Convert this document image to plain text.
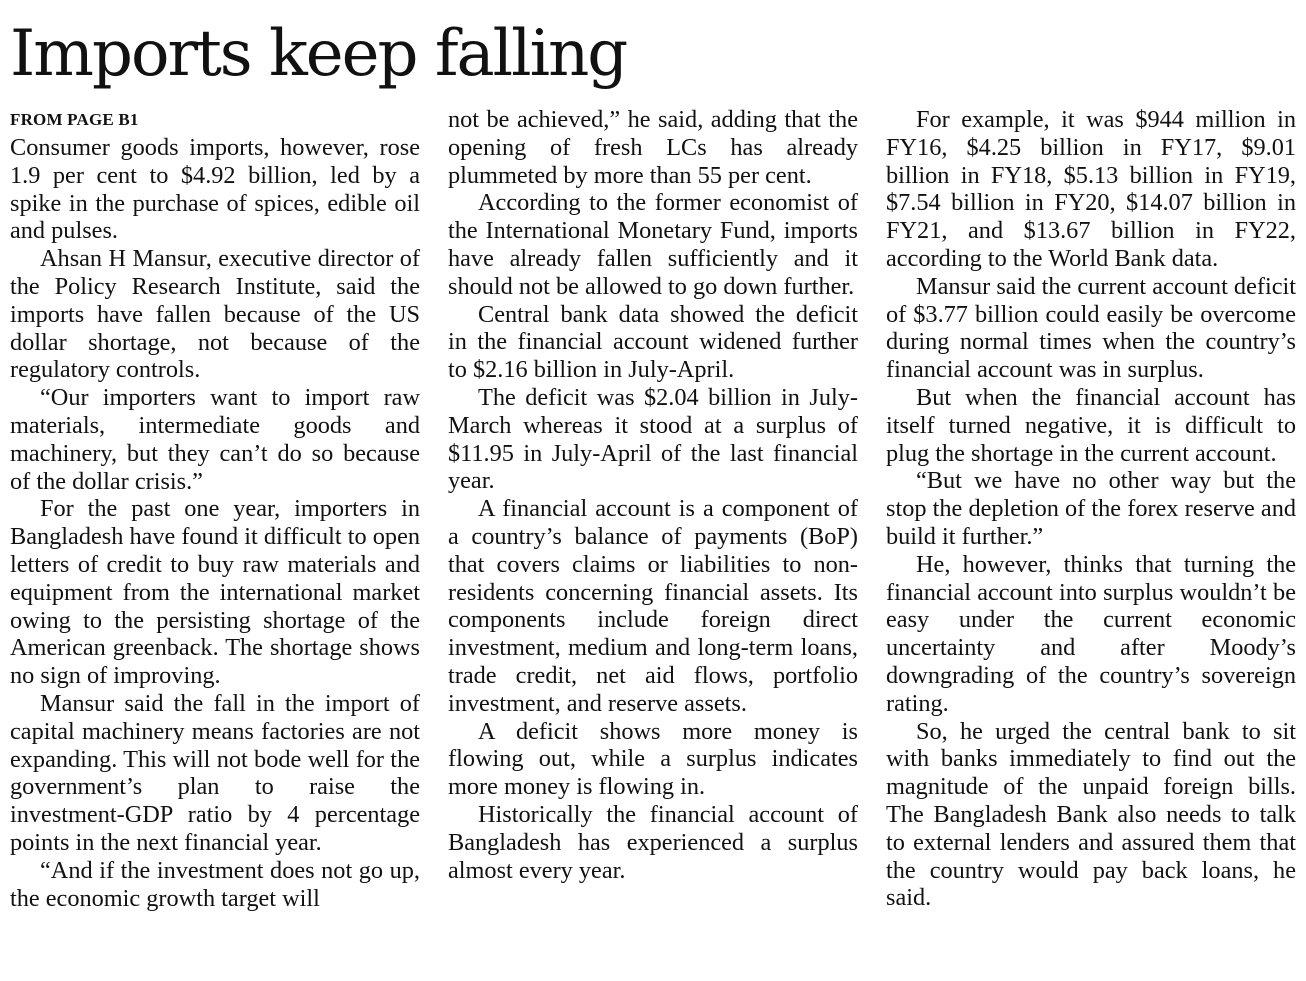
Imports keep falling
FROM PAGE B1

Consumer goods imports, however, rose 1.9 per cent to $4.92 billion, led by a spike in the purchase of spices, edible oil and pulses.

Ahsan H Mansur, executive director of the Policy Research Institute, said the imports have fallen because of the US dollar shortage, not because of the regulatory controls.

“Our importers want to import raw materials, intermediate goods and machinery, but they can’t do so because of the dollar crisis.”

For the past one year, importers in Bangladesh have found it difficult to open letters of credit to buy raw materials and equipment from the international market owing to the persisting shortage of the American greenback. The shortage shows no sign of improving.

Mansur said the fall in the import of capital machinery means factories are not expanding. This will not bode well for the government’s plan to raise the investment-GDP ratio by 4 percentage points in the next financial year.

“And if the investment does not go up, the economic growth target will

not be achieved,” he said, adding that the opening of fresh LCs has already plummeted by more than 55 per cent.

According to the former economist of the International Monetary Fund, imports have already fallen sufficiently and it should not be allowed to go down further.

Central bank data showed the deficit in the financial account widened further to $2.16 billion in July-April.

The deficit was $2.04 billion in July-March whereas it stood at a surplus of $11.95 in July-April of the last financial year.

A financial account is a component of a country’s balance of payments (BoP) that covers claims or liabilities to non-residents concerning financial assets. Its components include foreign direct investment, medium and long-term loans, trade credit, net aid flows, portfolio investment, and reserve assets.

A deficit shows more money is flowing out, while a surplus indicates more money is flowing in.

Historically the financial account of Bangladesh has experienced a surplus almost every year.

For example, it was $944 million in FY16, $4.25 billion in FY17, $9.01 billion in FY18, $5.13 billion in FY19, $7.54 billion in FY20, $14.07 billion in FY21, and $13.67 billion in FY22, according to the World Bank data.

Mansur said the current account deficit of $3.77 billion could easily be overcome during normal times when the country’s financial account was in surplus.

But when the financial account has itself turned negative, it is difficult to plug the shortage in the current account.

“But we have no other way but the stop the depletion of the forex reserve and build it further.”

He, however, thinks that turning the financial account into surplus wouldn’t be easy under the current economic uncertainty and after Moody’s downgrading of the country’s sovereign rating.

So, he urged the central bank to sit with banks immediately to find out the magnitude of the unpaid foreign bills. The Bangladesh Bank also needs to talk to external lenders and assured them that the country would pay back loans, he said.
